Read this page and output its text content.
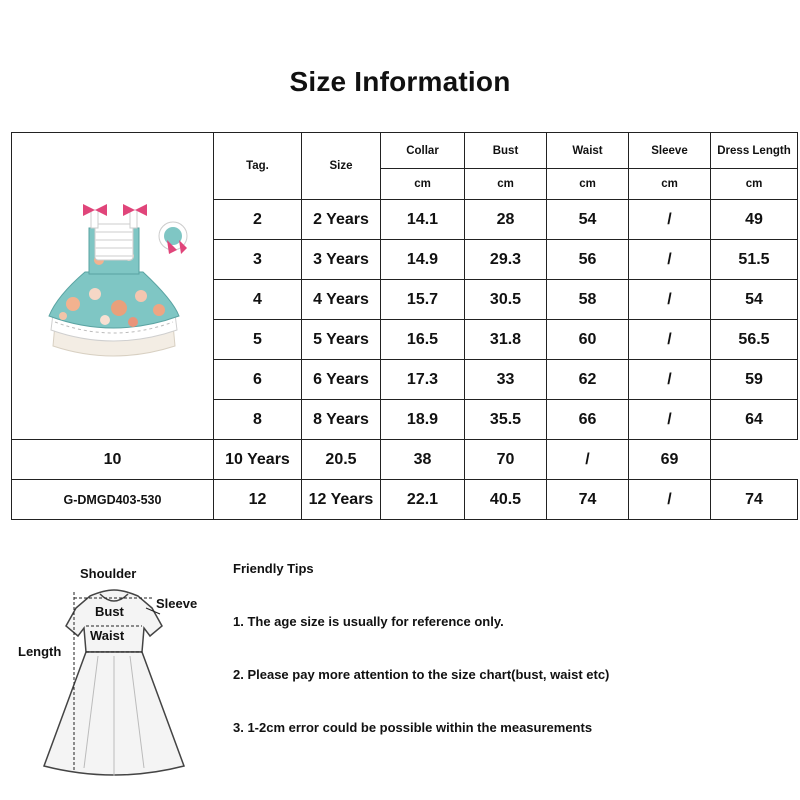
Size Information
	Tag.	Size	Collar	Bust	Waist	Sleeve	Dress Length
			cm	cm	cm	cm	cm
	2	2 Years	14.1	28	54	/	49
	3	3 Years	14.9	29.3	56	/	51.5
	4	4 Years	15.7	30.5	58	/	54
	5	5 Years	16.5	31.8	60	/	56.5
	6	6 Years	17.3	33	62	/	59
	8	8 Years	18.9	35.5	66	/	64
10	10 Years	20.5	38	70	/	69	
G-DMGD403-530	12	12 Years	22.1	40.5	74	/	74
Shoulder
Sleeve
Bust
Waist
Length
Friendly Tips
1. The age size is usually for reference only.
2. Please pay more attention to the size chart(bust, waist etc)
3. 1-2cm error could be possible within the measurements
